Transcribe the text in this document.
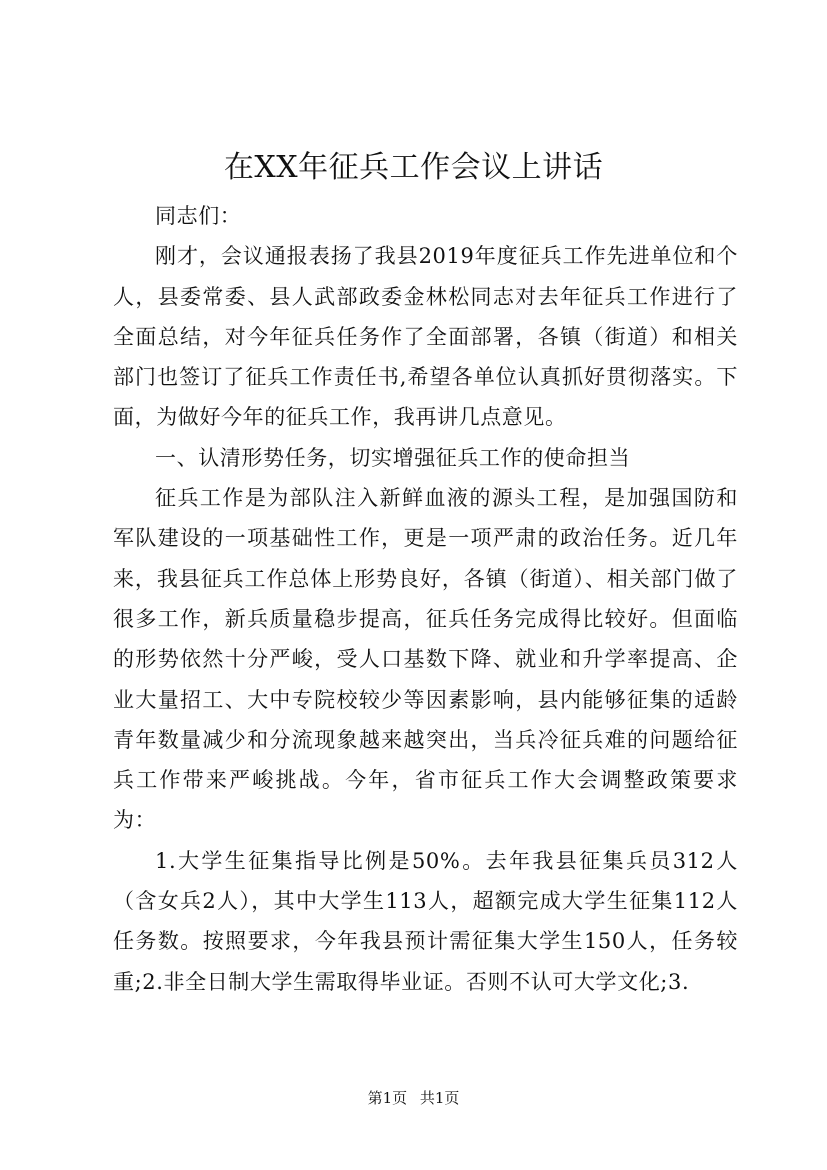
在XX年征兵工作会议上讲话

同志们：

刚才，会议通报表扬了我县2019年度征兵工作先进单位和个人，县委常委、县人武部政委金林松同志对去年征兵工作进行了全面总结，对今年征兵任务作了全面部署，各镇（街道）和相关部门也签订了征兵工作责任书,希望各单位认真抓好贯彻落实。下面，为做好今年的征兵工作，我再讲几点意见。

一、认清形势任务，切实增强征兵工作的使命担当

征兵工作是为部队注入新鲜血液的源头工程，是加强国防和军队建设的一项基础性工作，更是一项严肃的政治任务。近几年来，我县征兵工作总体上形势良好，各镇（街道）、相关部门做了很多工作，新兵质量稳步提高，征兵任务完成得比较好。但面临的形势依然十分严峻，受人口基数下降、就业和升学率提高、企业大量招工、大中专院校较少等因素影响，县内能够征集的适龄青年数量减少和分流现象越来越突出，当兵冷征兵难的问题给征兵工作带来严峻挑战。今年，省市征兵工作大会调整政策要求为：

1.大学生征集指导比例是50%。去年我县征集兵员312人（含女兵2人），其中大学生113人，超额完成大学生征集112人任务数。按照要求，今年我县预计需征集大学生150人，任务较重;2.非全日制大学生需取得毕业证。否则不认可大学文化;3.

第1页 共1页
